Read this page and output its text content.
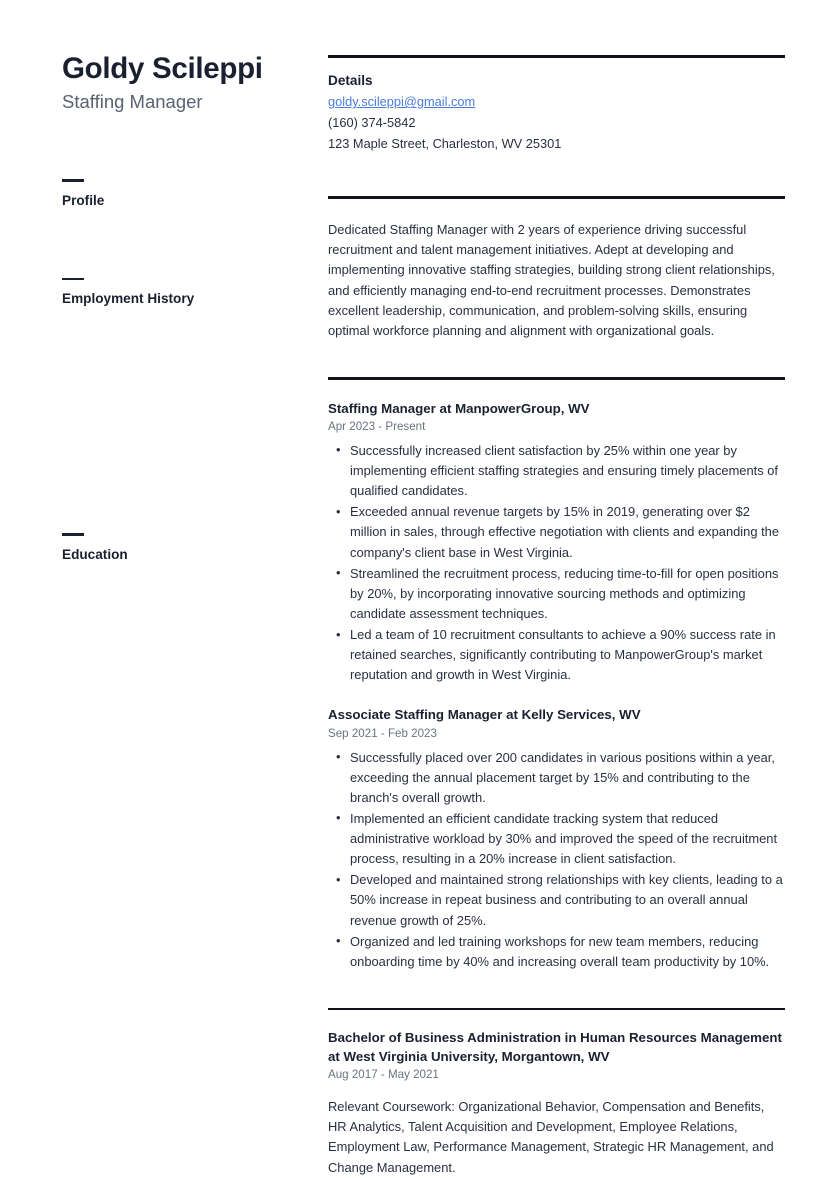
Goldy Scileppi
Staffing Manager
Profile
Employment History
Education
Details
goldy.scileppi@gmail.com
(160) 374-5842
123 Maple Street, Charleston, WV 25301

Dedicated Staffing Manager with 2 years of experience driving successful recruitment and talent management initiatives. Adept at developing and implementing innovative staffing strategies, building strong client relationships, and efficiently managing end-to-end recruitment processes. Demonstrates excellent leadership, communication, and problem-solving skills, ensuring optimal workforce planning and alignment with organizational goals.

Staffing Manager at ManpowerGroup, WV
Apr 2023 - Present
• Successfully increased client satisfaction by 25% within one year by implementing efficient staffing strategies and ensuring timely placements of qualified candidates.
• Exceeded annual revenue targets by 15% in 2019, generating over $2 million in sales, through effective negotiation with clients and expanding the company's client base in West Virginia.
• Streamlined the recruitment process, reducing time-to-fill for open positions by 20%, by incorporating innovative sourcing methods and optimizing candidate assessment techniques.
• Led a team of 10 recruitment consultants to achieve a 90% success rate in retained searches, significantly contributing to ManpowerGroup's market reputation and growth in West Virginia.
Associate Staffing Manager at Kelly Services, WV
Sep 2021 - Feb 2023
• Successfully placed over 200 candidates in various positions within a year, exceeding the annual placement target by 15% and contributing to the branch's overall growth.
• Implemented an efficient candidate tracking system that reduced administrative workload by 30% and improved the speed of the recruitment process, resulting in a 20% increase in client satisfaction.
• Developed and maintained strong relationships with key clients, leading to a 50% increase in repeat business and contributing to an overall annual revenue growth of 25%.
• Organized and led training workshops for new team members, reducing onboarding time by 40% and increasing overall team productivity by 10%.
Bachelor of Business Administration in Human Resources Management at West Virginia University, Morgantown, WV
Aug 2017 - May 2021

Relevant Coursework: Organizational Behavior, Compensation and Benefits, HR Analytics, Talent Acquisition and Development, Employee Relations, Employment Law, Performance Management, Strategic HR Management, and Change Management.
